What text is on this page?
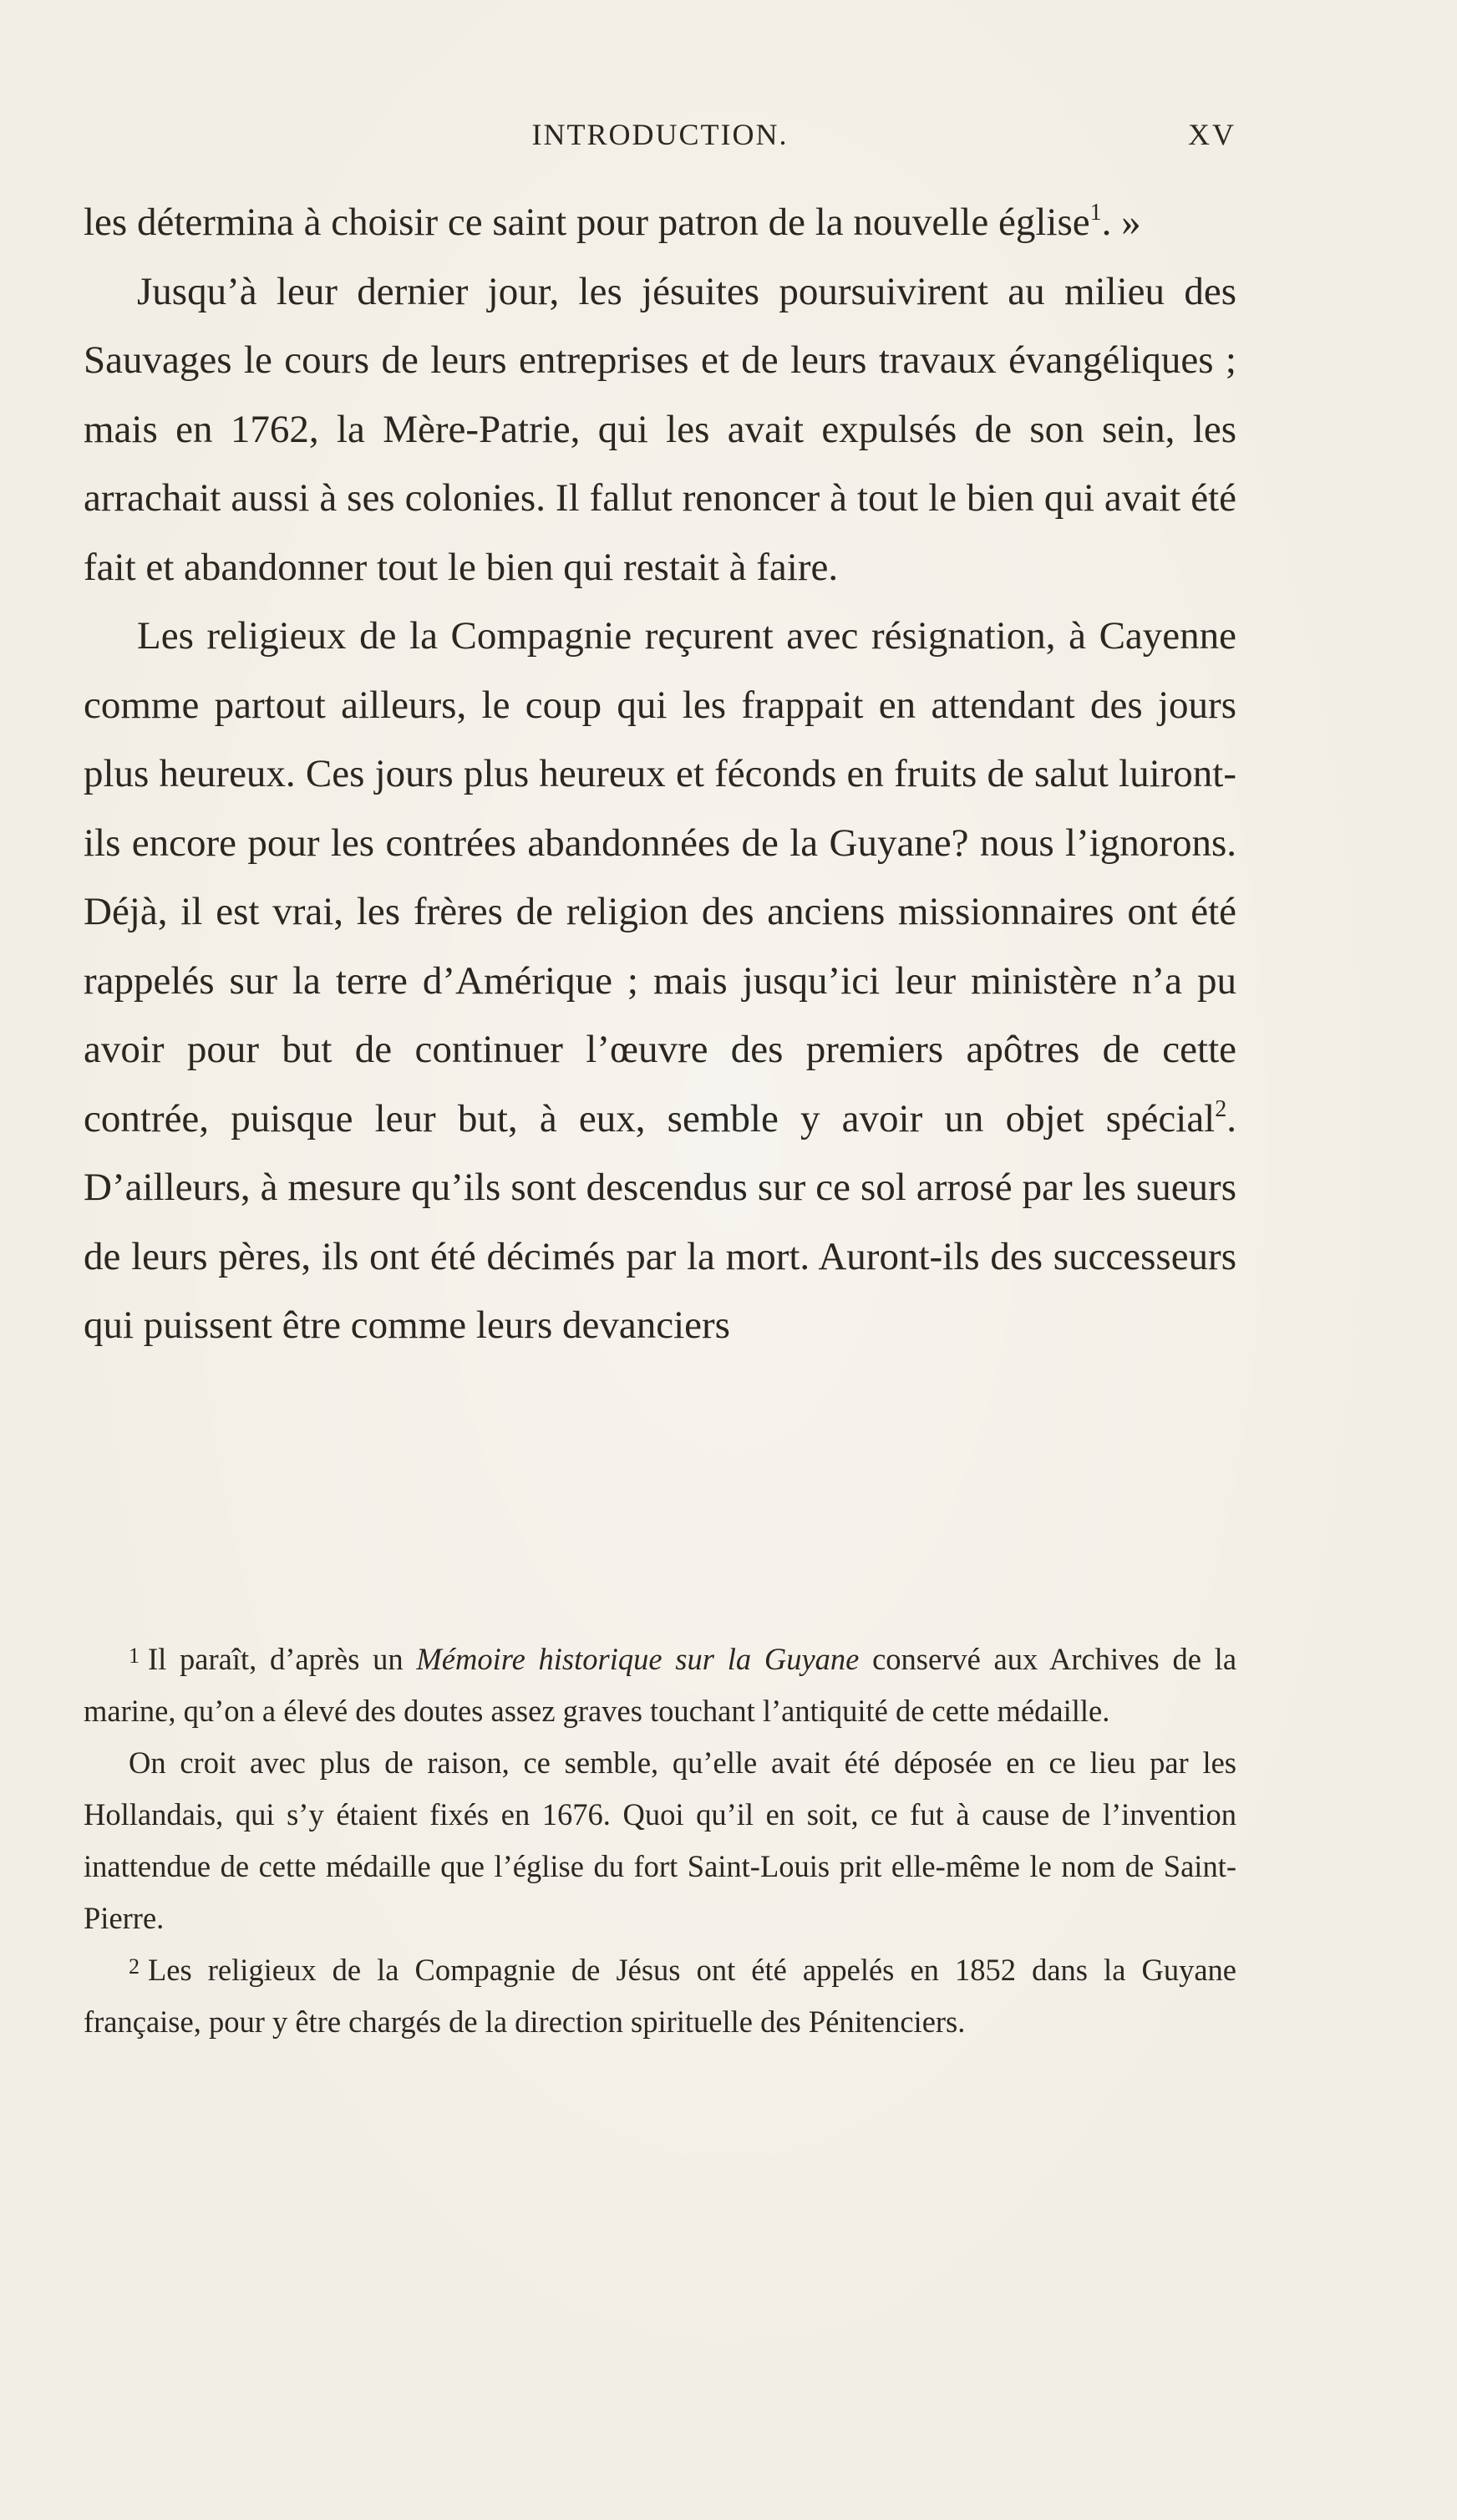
INTRODUCTION.	XV

les détermina à choisir ce saint pour patron de la nouvelle église$^1$. »

Jusqu’à leur dernier jour, les jésuites poursuivirent au milieu des Sauvages le cours de leurs entreprises et de leurs travaux évangéliques ; mais en 1762, la Mère-Patrie, qui les avait expulsés de son sein, les arrachait aussi à ses colonies. Il fallut renoncer à tout le bien qui avait été fait et abandonner tout le bien qui restait à faire.

Les religieux de la Compagnie reçurent avec résignation, à Cayenne comme partout ailleurs, le coup qui les frappait en attendant des jours plus heureux. Ces jours plus heureux et féconds en fruits de salut luiront-ils encore pour les contrées abandonnées de la Guyane? nous l’ignorons. Déjà, il est vrai, les frères de religion des anciens missionnaires ont été rappelés sur la terre d’Amérique ; mais jusqu’ici leur ministère n’a pu avoir pour but de continuer l’œuvre des premiers apôtres de cette contrée, puisque leur but, à eux, semble y avoir un objet spécial$^2$. D’ailleurs, à mesure qu’ils sont descendus sur ce sol arrosé par les sueurs de leurs pères, ils ont été décimés par la mort. Auront-ils des successeurs qui puissent être comme leurs devanciers

$^1$ Il paraît, d’après un Mémoire historique sur la Guyane conservé aux Archives de la marine, qu’on a élevé des doutes assez graves touchant l’antiquité de cette médaille.

On croit avec plus de raison, ce semble, qu’elle avait été déposée en ce lieu par les Hollandais, qui s’y étaient fixés en 1676. Quoi qu’il en soit, ce fut à cause de l’invention inattendue de cette médaille que l’église du fort Saint-Louis prit elle-même le nom de Saint-Pierre.

$^2$ Les religieux de la Compagnie de Jésus ont été appelés en 1852 dans la Guyane française, pour y être chargés de la direction spirituelle des Pénitenciers.
